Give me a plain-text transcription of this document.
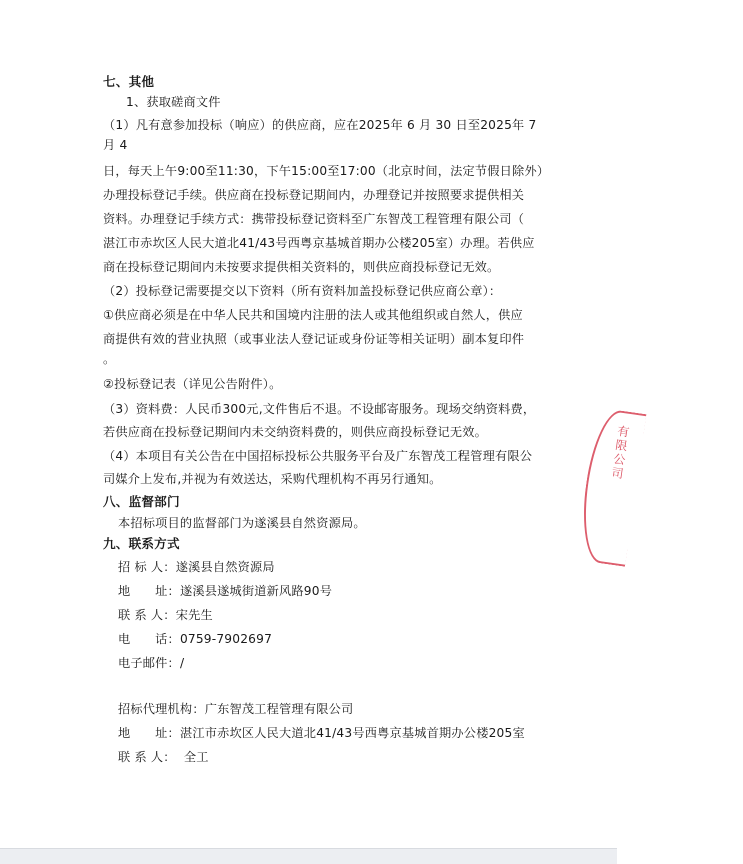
七、其他
1、获取磋商文件
（1）凡有意参加投标（响应）的供应商，应在2025年 6 月 30 日至2025年 7
月 4
日，每天上午9:00至11:30，下午15:00至17:00（北京时间，法定节假日除外）
办理投标登记手续。供应商在投标登记期间内，办理登记并按照要求提供相关
资料。办理登记手续方式：携带投标登记资料至广东智茂工程管理有限公司（
湛江市赤坎区人民大道北41/43号西粤京基城首期办公楼205室）办理。若供应
商在投标登记期间内未按要求提供相关资料的，则供应商投标登记无效。
（2）投标登记需要提交以下资料（所有资料加盖投标登记供应商公章）：
①供应商必须是在中华人民共和国境内注册的法人或其他组织或自然人，供应
商提供有效的营业执照（或事业法人登记证或身份证等相关证明）副本复印件
。
②投标登记表（详见公告附件）。
（3）资料费：人民币300元,文件售后不退。不设邮寄服务。现场交纳资料费，
若供应商在投标登记期间内未交纳资料费的，则供应商投标登记无效。
（4）本项目有关公告在中国招标投标公共服务平台及广东智茂工程管理有限公
司媒介上发布,并视为有效送达，采购代理机构不再另行通知。
八、监督部门
本招标项目的监督部门为遂溪县自然资源局。
九、联系方式
招 标 人：遂溪县自然资源局
地　　址：遂溪县遂城街道新风路90号
联 系 人：宋先生
电　　话：0759-7902697
电子邮件：/
招标代理机构：广东智茂工程管理有限公司
地　　址：湛江市赤坎区人民大道北41/43号西粤京基城首期办公楼205室
联 系 人： 全工
有限公司
